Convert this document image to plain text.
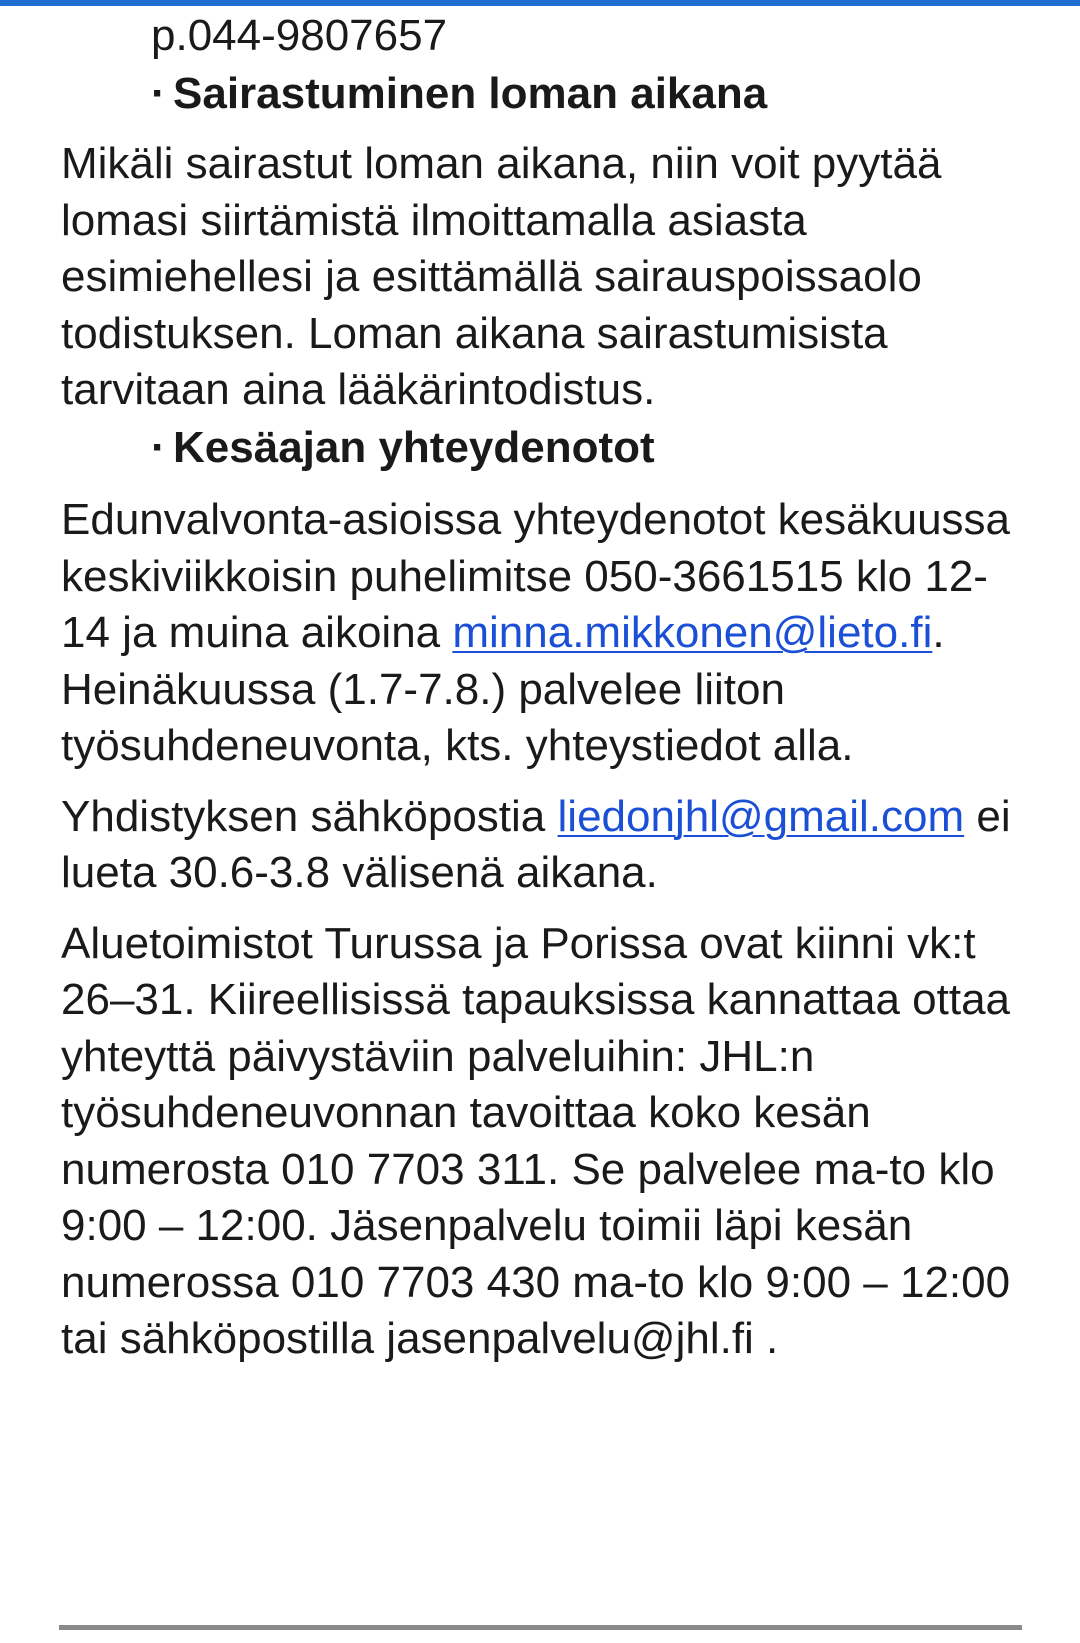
p.044-9807657
· Sairastuminen loman aikana
Mikäli sairastut loman aikana, niin voit pyytää lomasi siirtämistä ilmoittamalla asiasta esimiehellesi ja esittämällä sairauspoissaolo todistuksen. Loman aikana sairastumisista tarvitaan aina lääkärintodistus.
· Kesäajan yhteydenotot
Edunvalvonta-asioissa yhteydenotot kesäkuussa keskiviikkoisin puhelimitse 050-3661515 klo 12-14 ja muina aikoina minna.mikkonen@lieto.fi. Heinäkuussa (1.7-7.8.) palvelee liiton työsuhdeneuvonta, kts. yhteystiedot alla.
Yhdistyksen sähköpostia liedonjhl@gmail.com ei lueta 30.6-3.8 välisenä aikana.
Aluetoimistot Turussa ja Porissa ovat kiinni vk:t 26–31. Kiireellisissä tapauksissa kannattaa ottaa yhteyttä päivystäviin palveluihin: JHL:n työsuhdeneuvonnan tavoittaa koko kesän numerosta 010 7703 311. Se palvelee ma-to klo 9:00 – 12:00. Jäsenpalvelu toimii läpi kesän numerossa 010 7703 430 ma-to klo 9:00 – 12:00 tai sähköpostilla jasenpalvelu@jhl.fi .
